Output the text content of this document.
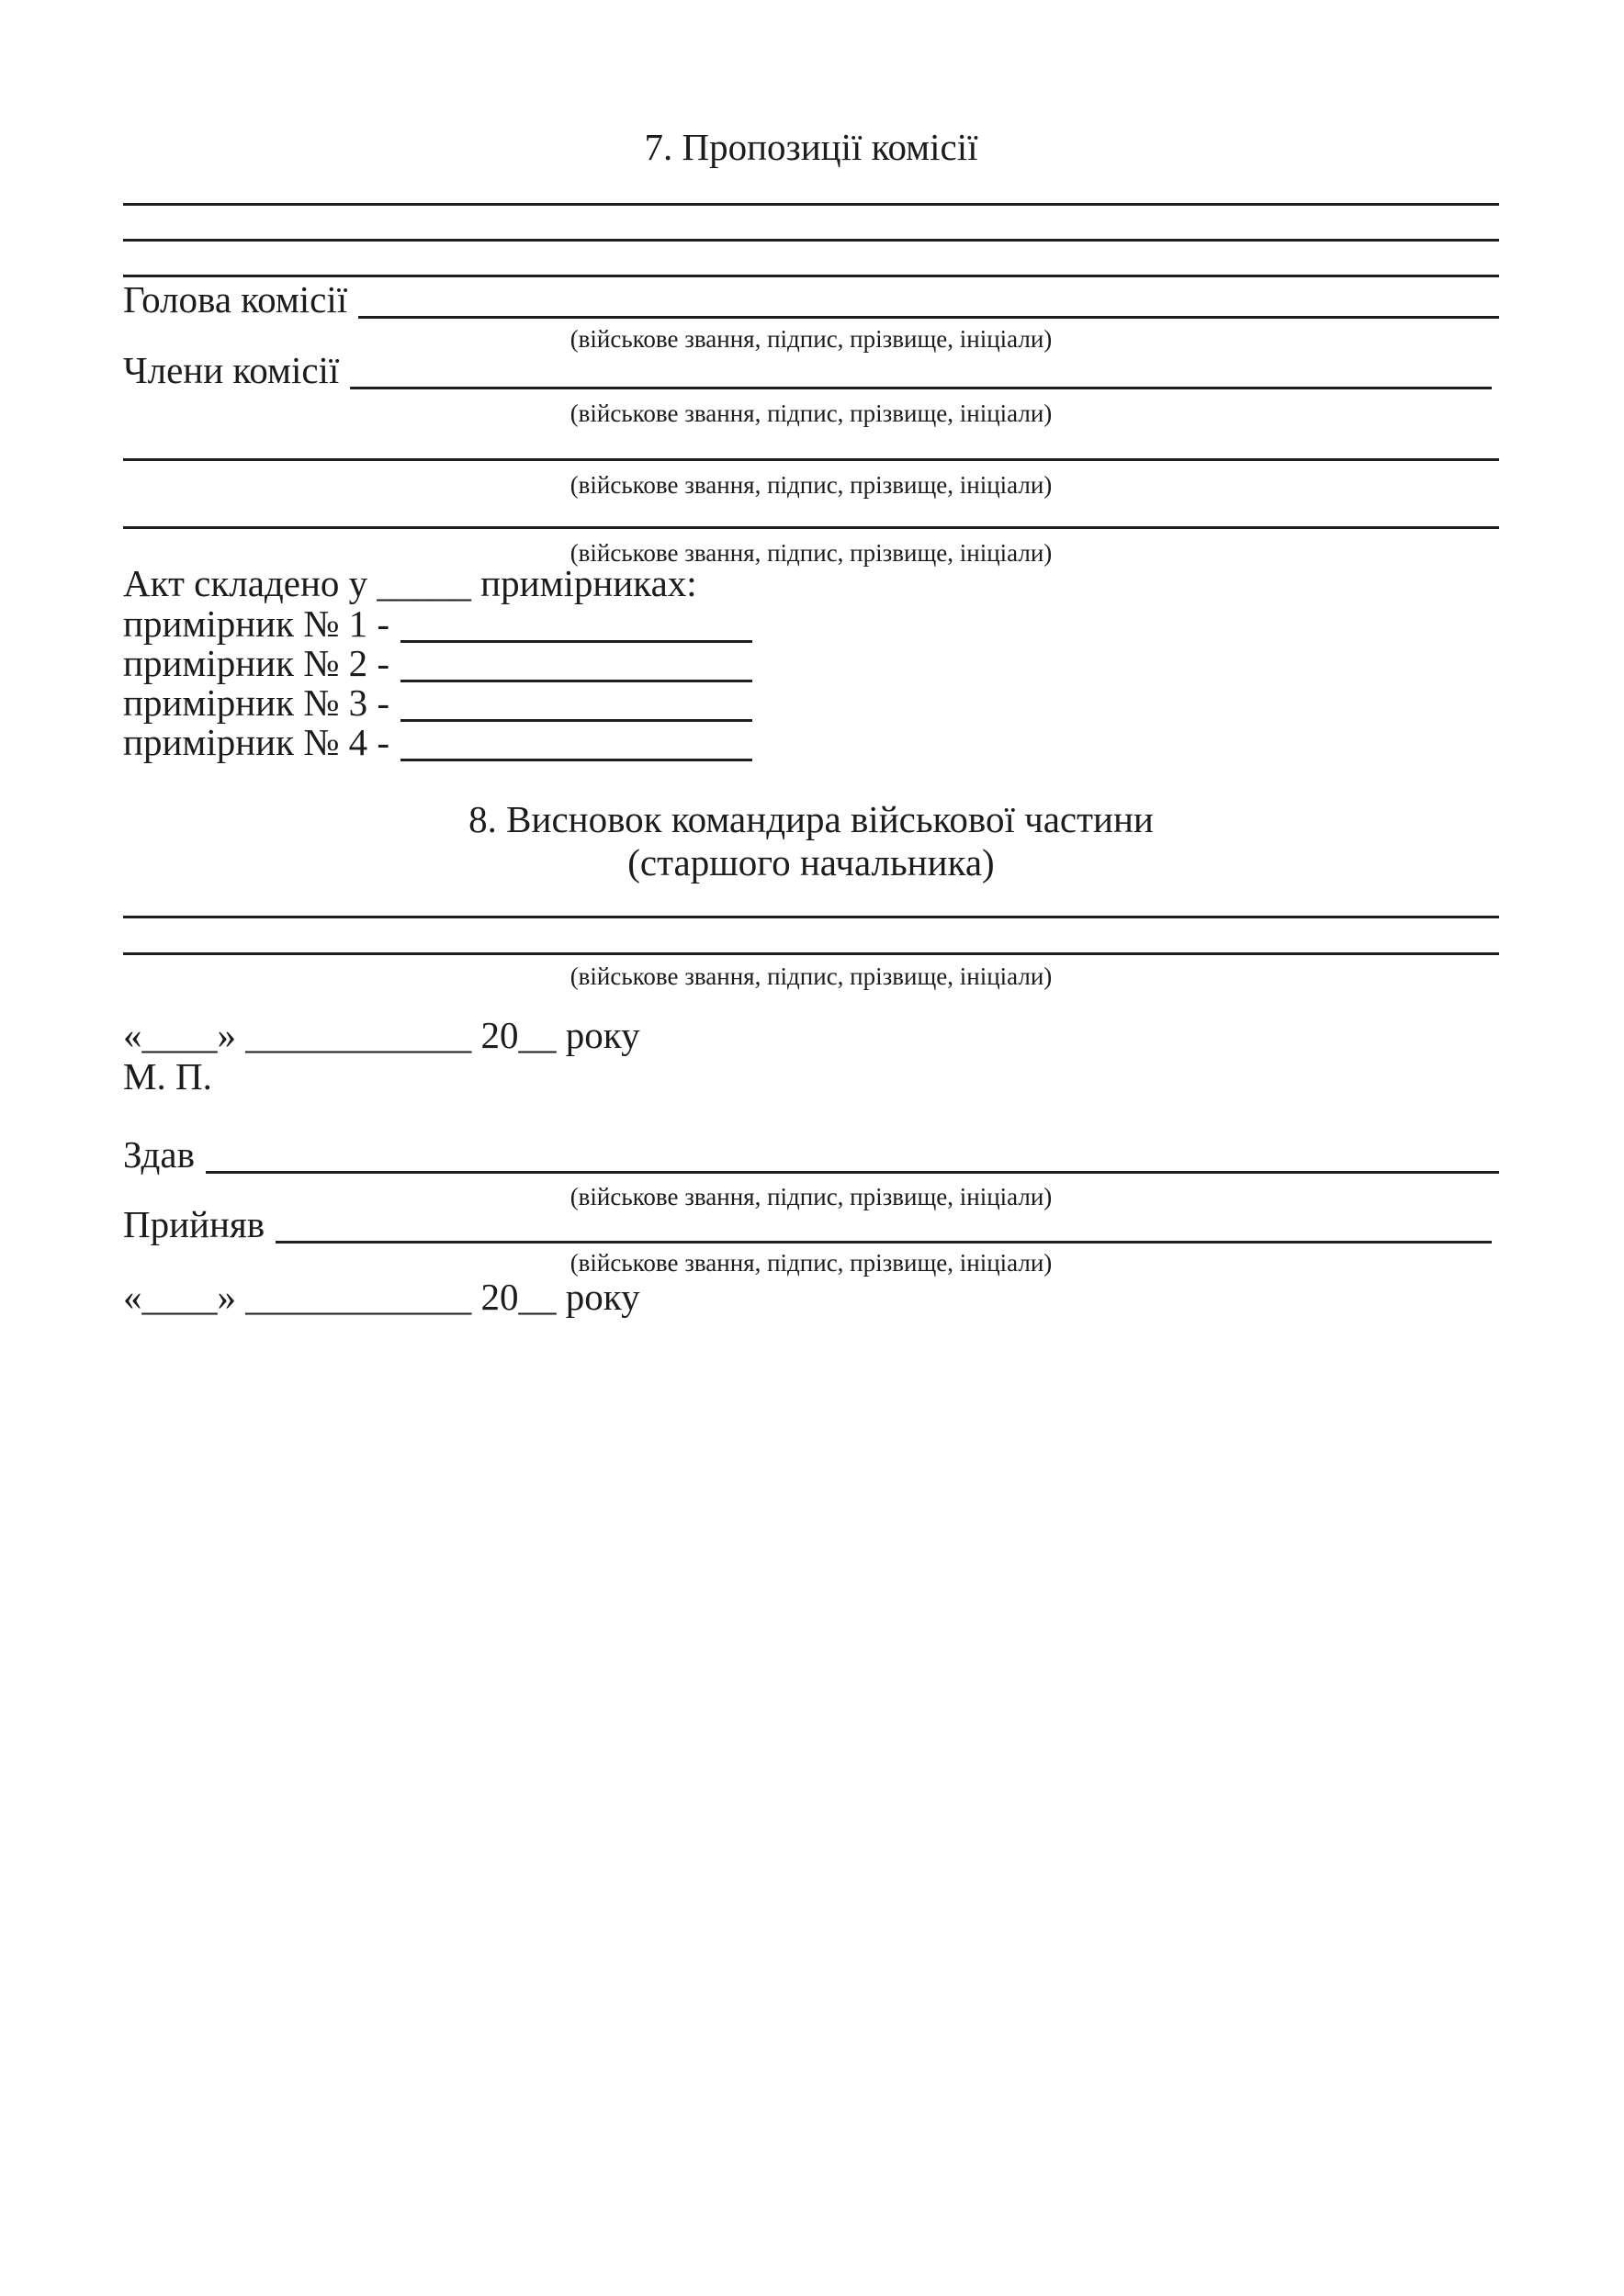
7. Пропозиції комісії
Голова комісії
(військове звання, підпис, прізвище, ініціали)
Члени комісії
(військове звання, підпис, прізвище, ініціали)
(військове звання, підпис, прізвище, ініціали)
(військове звання, підпис, прізвище, ініціали)
Акт складено у _____ примірниках:
примірник № 1 -
примірник № 2 -
примірник № 3 -
примірник № 4 -
8. Висновок командира військової частини
(старшого начальника)
(військове звання, підпис, прізвище, ініціали)
«____» ____________ 20__ року
М. П.
Здав
(військове звання, підпис, прізвище, ініціали)
Прийняв
(військове звання, підпис, прізвище, ініціали)
«____» ____________ 20__ року
